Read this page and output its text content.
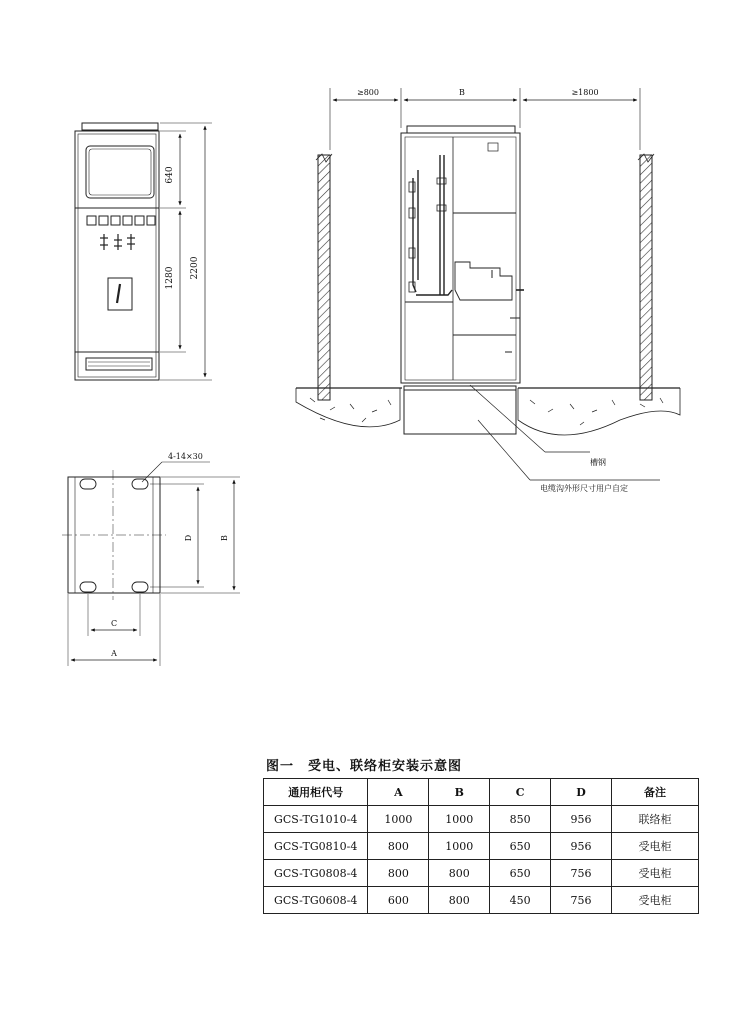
640
1280 2200
≥800	B	≥1800
槽钢
电缆沟外形尺寸用户自定
4-14×30
C
A
D	B
图一　受电、联络柜安装示意图
通用柜代号	A	B	C	D	备注
GCS-TG1010-4	1000	1000	850	956	联络柜
GCS-TG0810-4	800	1000	650	956	受电柜
GCS-TG0808-4	800	800	650	756	受电柜
GCS-TG0608-4	600	800	450	756	受电柜
